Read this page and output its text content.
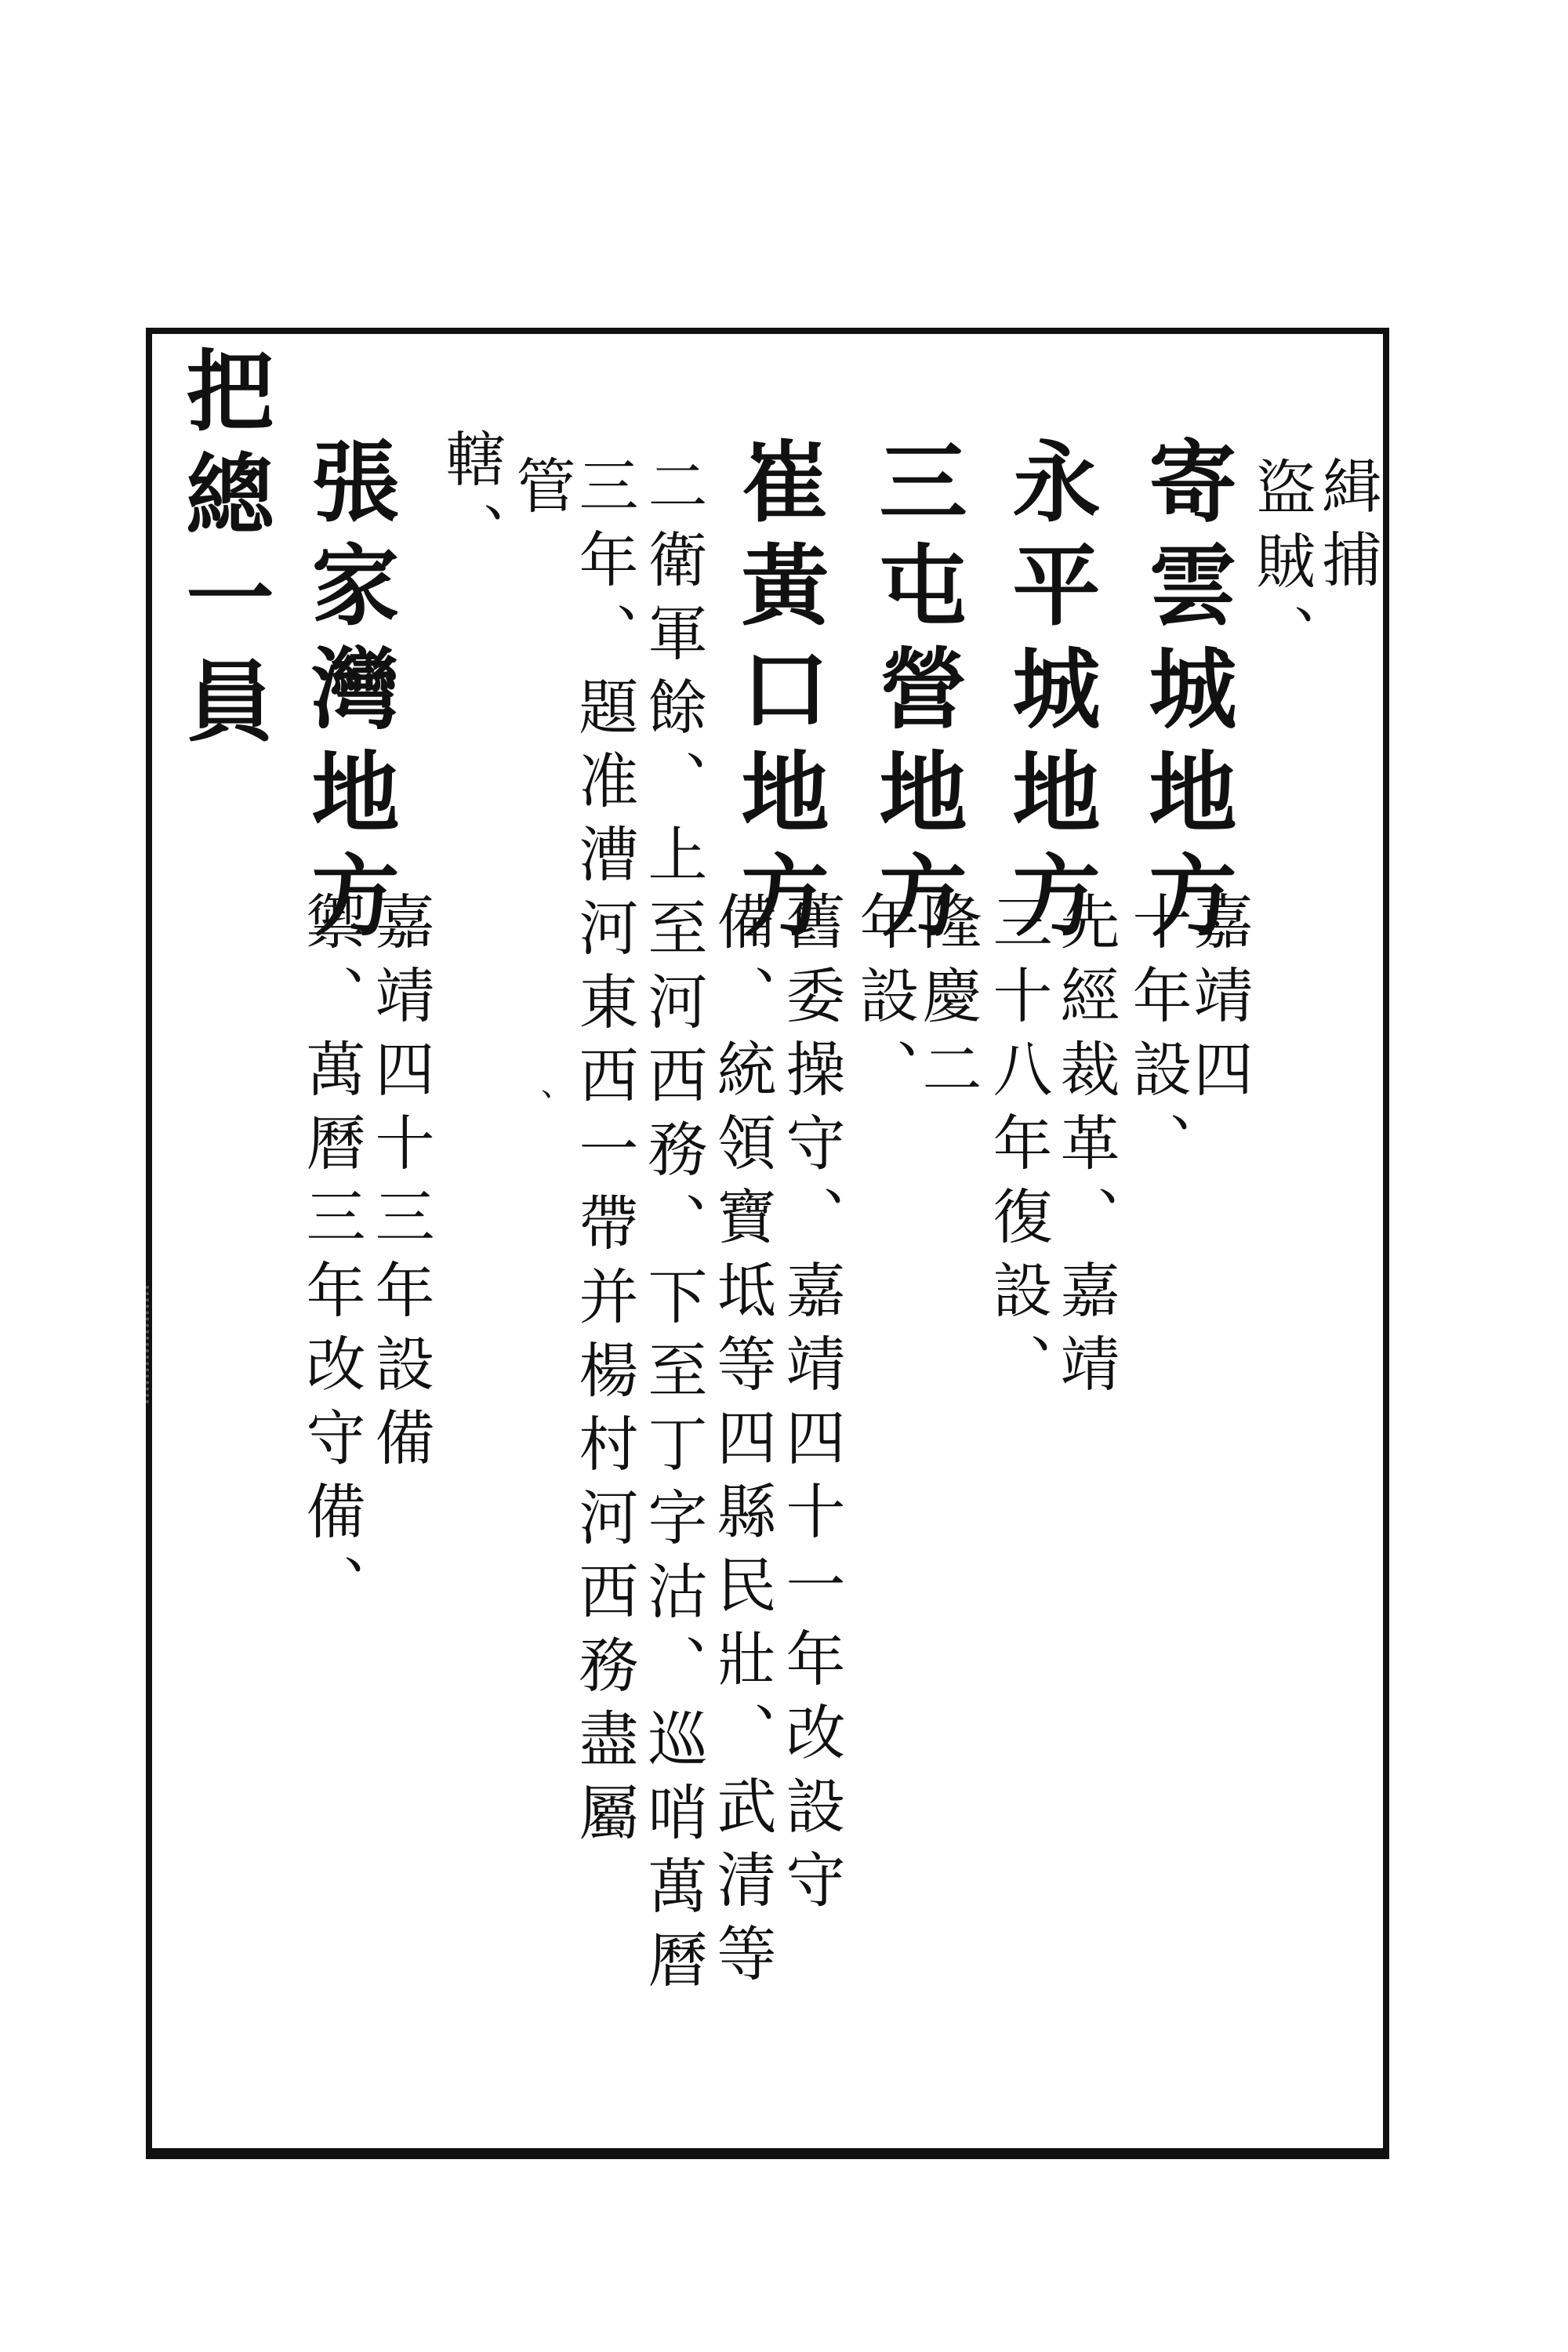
緝捕
盜賊、
寄雲城地方
嘉靖四
十年設、
永平城地方
先經裁革、嘉靖
三十八年復設、
三屯營地方
隆慶二
年設、
崔黃口地方
舊委操守、嘉靖四十一年改設守
備、統領寶坻等四縣民壯、武清等
二衛軍餘、上至河西務、下至丁字沽、巡哨萬曆
三年、題准漕河東西一帶并楊村河西務盡屬
管
轄、
、
嘉靖四十三年設備
張家灣地方
禦、萬曆三年改守備、
把總一員
